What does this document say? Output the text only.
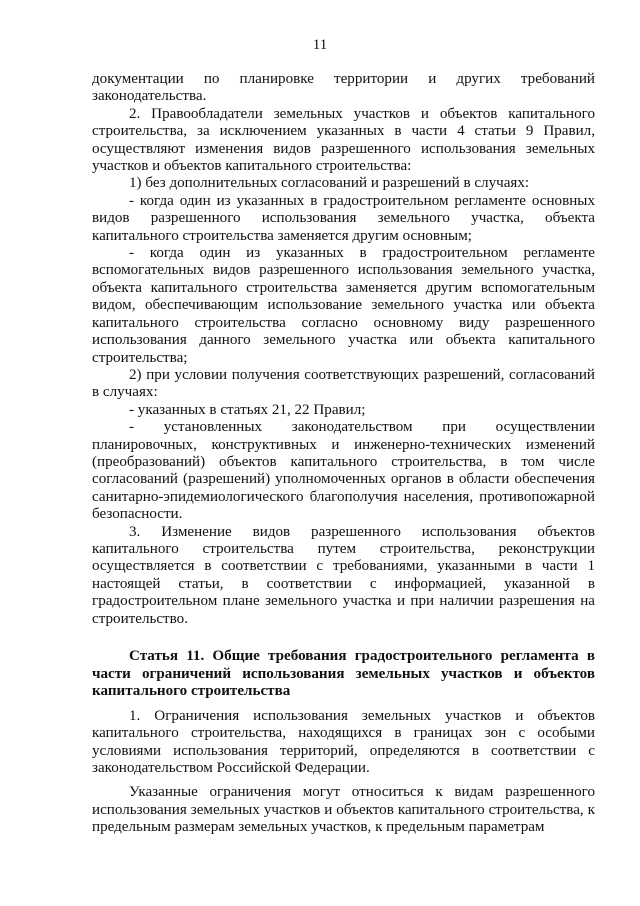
11

документации по планировке территории и других требований законодательства.

2. Правообладатели земельных участков и объектов капитального строительства, за исключением указанных в части 4 статьи 9 Правил, осуществляют изменения видов разрешенного использования земельных участков и объектов капитального строительства:

1) без дополнительных согласований и разрешений в случаях:

- когда один из указанных в градостроительном регламенте основных видов разрешенного использования земельного участка, объекта капитального строительства заменяется другим основным;

- когда один из указанных в градостроительном регламенте вспомогательных видов разрешенного использования земельного участка, объекта капитального строительства заменяется другим вспомогательным видом, обеспечивающим использование земельного участка или объекта капитального строительства согласно основному виду разрешенного использования данного земельного участка или объекта капитального строительства;

2) при условии получения соответствующих разрешений, согласований в случаях:

- указанных в статьях 21, 22 Правил;

- установленных законодательством при осуществлении планировочных, конструктивных и инженерно-технических изменений (преобразований) объектов капитального строительства, в том числе согласований (разрешений) уполномоченных органов в области обеспечения санитарно-эпидемиологического благополучия населения, противопожарной безопасности.

3. Изменение видов разрешенного использования объектов капитального строительства путем строительства, реконструкции осуществляется в соответствии с требованиями, указанными в части 1 настоящей статьи, в соответствии с информацией, указанной в градостроительном плане земельного участка и при наличии разрешения на строительство.

Статья 11. Общие требования градостроительного регламента в части ограничений использования земельных участков и объектов капитального строительства

1. Ограничения использования земельных участков и объектов капитального строительства, находящихся в границах зон с особыми условиями использования территорий, определяются в соответствии с законодательством Российской Федерации.

Указанные ограничения могут относиться к видам разрешенного использования земельных участков и объектов капитального строительства, к предельным размерам земельных участков, к предельным параметрам
